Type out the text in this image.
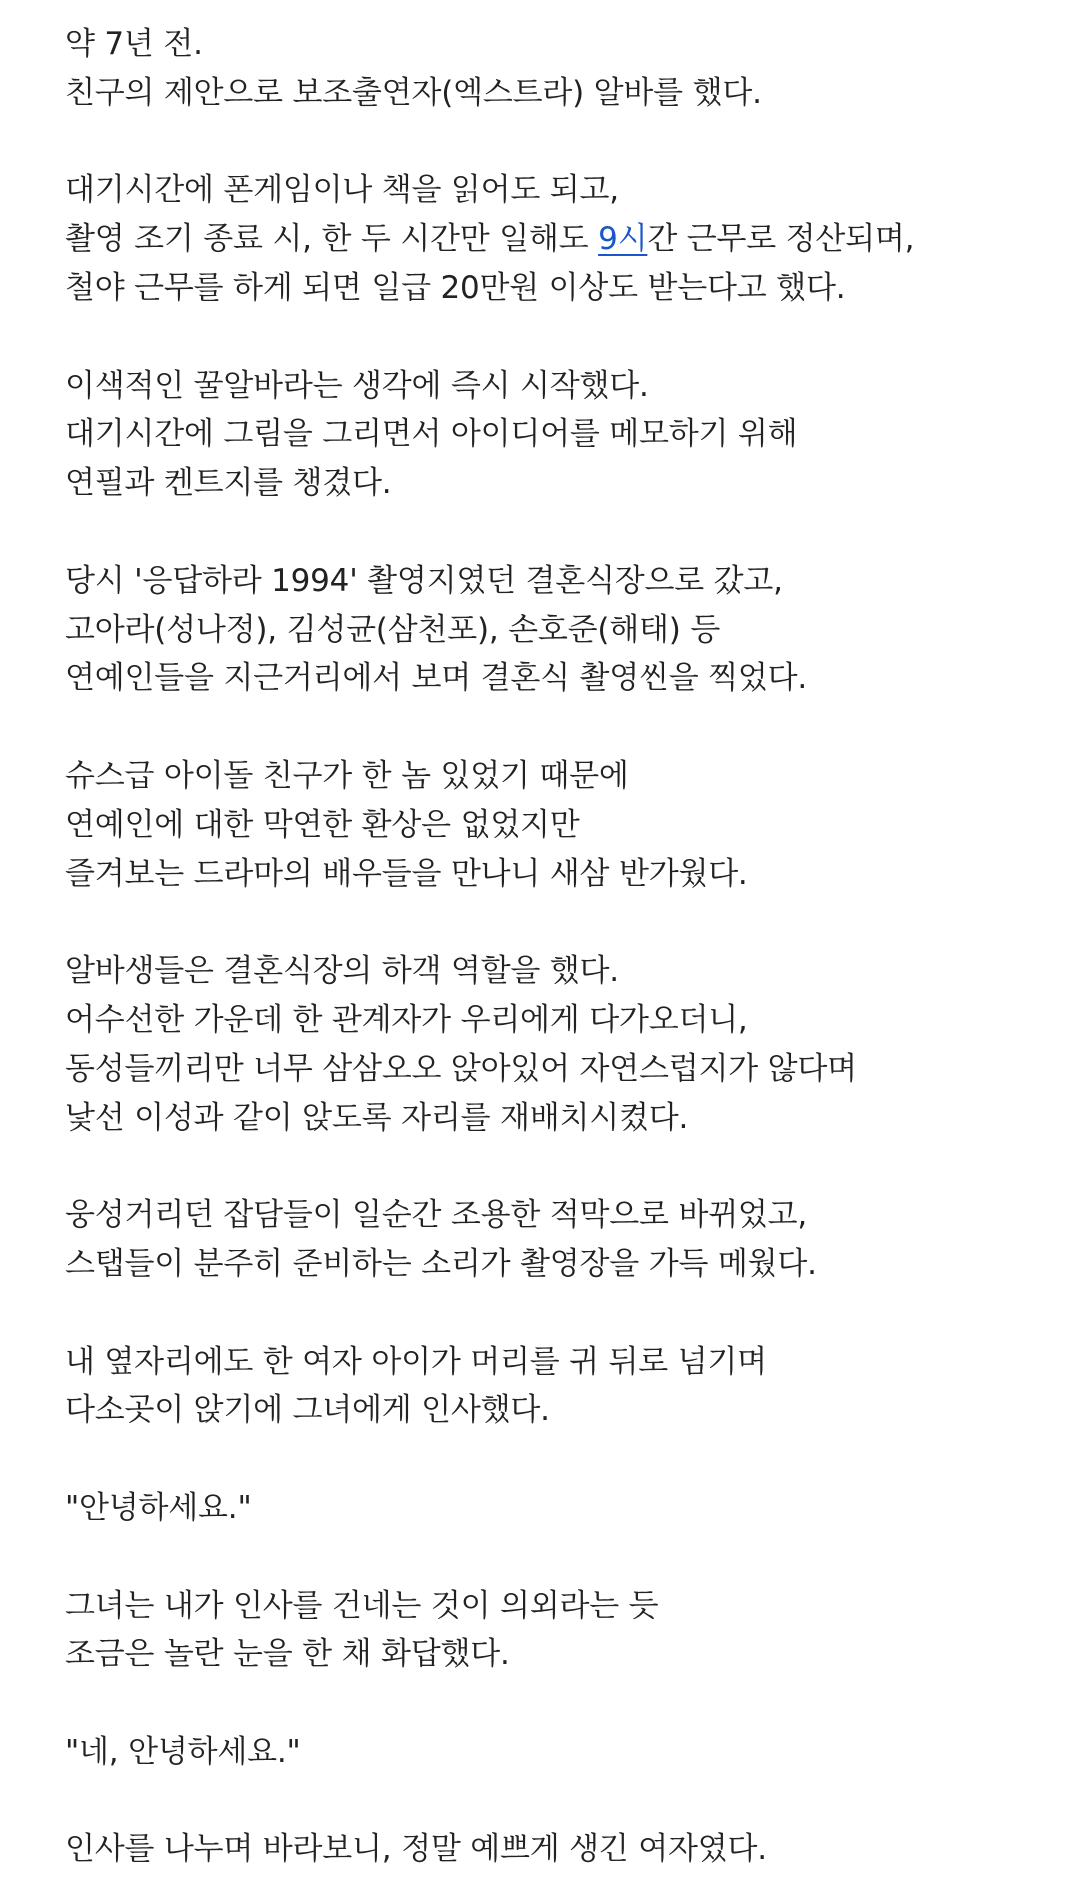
약 7년 전.
친구의 제안으로 보조출연자(엑스트라) 알바를 했다.

대기시간에 폰게임이나 책을 읽어도 되고,
촬영 조기 종료 시, 한 두 시간만 일해도 9시간 근무로 정산되며,
철야 근무를 하게 되면 일급 20만원 이상도 받는다고 했다.

이색적인 꿀알바라는 생각에 즉시 시작했다.
대기시간에 그림을 그리면서 아이디어를 메모하기 위해
연필과 켄트지를 챙겼다.

당시 '응답하라 1994' 촬영지였던 결혼식장으로 갔고,
고아라(성나정), 김성균(삼천포), 손호준(해태) 등
연예인들을 지근거리에서 보며 결혼식 촬영씬을 찍었다.

슈스급 아이돌 친구가 한 놈 있었기 때문에
연예인에 대한 막연한 환상은 없었지만
즐겨보는 드라마의 배우들을 만나니 새삼 반가웠다.

알바생들은 결혼식장의 하객 역할을 했다.
어수선한 가운데 한 관계자가 우리에게 다가오더니,
동성들끼리만 너무 삼삼오오 앉아있어 자연스럽지가 않다며
낯선 이성과 같이 앉도록 자리를 재배치시켰다.

웅성거리던 잡담들이 일순간 조용한 적막으로 바뀌었고,
스탭들이 분주히 준비하는 소리가 촬영장을 가득 메웠다.

내 옆자리에도 한 여자 아이가 머리를 귀 뒤로 넘기며
다소곳이 앉기에 그녀에게 인사했다.

"안녕하세요."

그녀는 내가 인사를 건네는 것이 의외라는 듯
조금은 놀란 눈을 한 채 화답했다.

"네, 안녕하세요."

인사를 나누며 바라보니, 정말 예쁘게 생긴 여자였다.
